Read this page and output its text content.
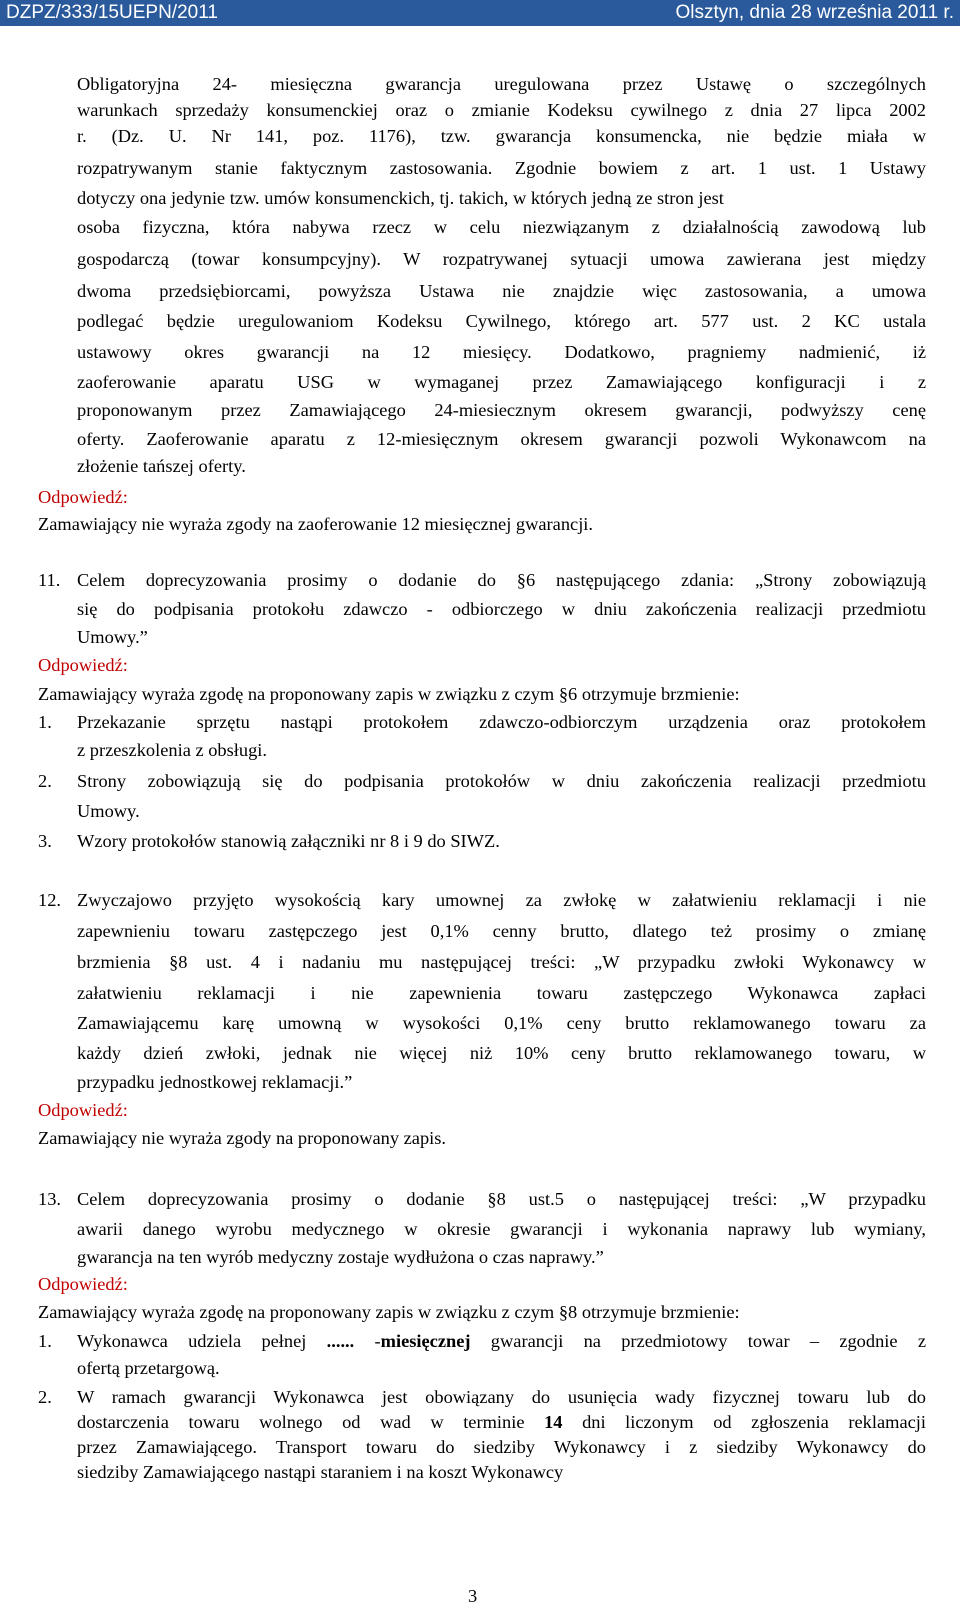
DZPZ/333/15UEPN/2011	Olsztyn, dnia 28 września 2011 r.

Obligatoryjna 24- miesięczna gwarancja uregulowana przez Ustawę o szczególnych

warunkach sprzedaży konsumenckiej oraz o zmianie Kodeksu cywilnego z dnia 27 lipca 2002

r. (Dz. U. Nr 141, poz. 1176), tzw. gwarancja konsumencka, nie będzie miała w

rozpatrywanym stanie faktycznym zastosowania. Zgodnie bowiem z art. 1 ust. 1 Ustawy

dotyczy ona jedynie tzw. umów konsumenckich, tj. takich, w których jedną ze stron jest

osoba fizyczna, która nabywa rzecz w celu niezwiązanym z działalnością zawodową lub

gospodarczą (towar konsumpcyjny). W rozpatrywanej sytuacji umowa zawierana jest między

dwoma przedsiębiorcami, powyższa Ustawa nie znajdzie więc zastosowania, a umowa

podlegać będzie uregulowaniom Kodeksu Cywilnego, którego art. 577 ust. 2 KC ustala

ustawowy okres gwarancji na 12 miesięcy. Dodatkowo, pragniemy nadmienić, iż

zaoferowanie aparatu USG w wymaganej przez Zamawiającego konfiguracji i z

proponowanym przez Zamawiającego 24-miesiecznym okresem gwarancji, podwyższy cenę

oferty. Zaoferowanie aparatu z 12-miesięcznym okresem gwarancji pozwoli Wykonawcom na

złożenie tańszej oferty.

Odpowiedź:

Zamawiający nie wyraża zgody na zaoferowanie 12 miesięcznej gwarancji.

11. Celem doprecyzowania prosimy o dodanie do §6 następującego zdania: „Strony zobowiązują

się do podpisania protokołu zdawczo - odbiorczego w dniu zakończenia realizacji przedmiotu

Umowy.”

Odpowiedź:

Zamawiający wyraża zgodę na proponowany zapis w związku z czym §6 otrzymuje brzmienie:

1. Przekazanie sprzętu nastąpi protokołem zdawczo-odbiorczym urządzenia oraz protokołem

z przeszkolenia z obsługi.

2. Strony zobowiązują się do podpisania protokołów w dniu zakończenia realizacji przedmiotu

Umowy.

3. Wzory protokołów stanowią załączniki nr 8 i 9 do SIWZ.

12. Zwyczajowo przyjęto wysokością kary umownej za zwłokę w załatwieniu reklamacji i nie

zapewnieniu towaru zastępczego jest 0,1% cenny brutto, dlatego też prosimy o zmianę

brzmienia §8 ust. 4 i nadaniu mu następującej treści: „W przypadku zwłoki Wykonawcy w

załatwieniu reklamacji i nie zapewnienia towaru zastępczego Wykonawca zapłaci

Zamawiającemu karę umowną w wysokości 0,1% ceny brutto reklamowanego towaru za

każdy dzień zwłoki, jednak nie więcej niż 10% ceny brutto reklamowanego towaru, w

przypadku jednostkowej reklamacji.”

Odpowiedź:

Zamawiający nie wyraża zgody na proponowany zapis.

13. Celem doprecyzowania prosimy o dodanie §8 ust.5 o następującej treści: „W przypadku

awarii danego wyrobu medycznego w okresie gwarancji i wykonania naprawy lub wymiany,

gwarancja na ten wyrób medyczny zostaje wydłużona o czas naprawy.”

Odpowiedź:

Zamawiający wyraża zgodę na proponowany zapis w związku z czym §8 otrzymuje brzmienie:

1. Wykonawca udziela pełnej ...... -miesięcznej gwarancji na przedmiotowy towar – zgodnie z

ofertą przetargową.

2. W ramach gwarancji Wykonawca jest obowiązany do usunięcia wady fizycznej towaru lub do

dostarczenia towaru wolnego od wad w terminie 14 dni liczonym od zgłoszenia reklamacji

przez Zamawiającego. Transport towaru do siedziby Wykonawcy i z siedziby Wykonawcy do

siedziby Zamawiającego nastąpi staraniem i na koszt Wykonawcy

3
